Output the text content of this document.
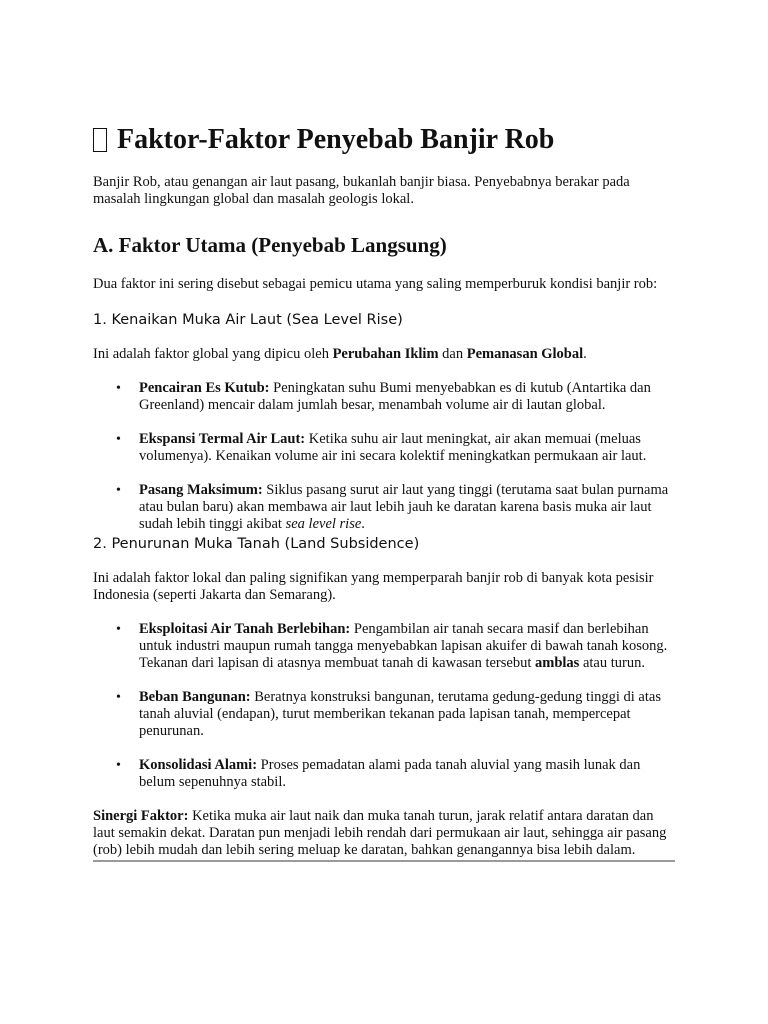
Faktor-Faktor Penyebab Banjir Rob

Banjir Rob, atau genangan air laut pasang, bukanlah banjir biasa. Penyebabnya berakar pada masalah lingkungan global dan masalah geologis lokal.

A. Faktor Utama (Penyebab Langsung)

Dua faktor ini sering disebut sebagai pemicu utama yang saling memperburuk kondisi banjir rob:

1. Kenaikan Muka Air Laut (Sea Level Rise)

Ini adalah faktor global yang dipicu oleh Perubahan Iklim dan Pemanasan Global.

• Pencairan Es Kutub: Peningkatan suhu Bumi menyebabkan es di kutub (Antartika dan Greenland) mencair dalam jumlah besar, menambah volume air di lautan global.
• Ekspansi Termal Air Laut: Ketika suhu air laut meningkat, air akan memuai (meluas volumenya). Kenaikan volume air ini secara kolektif meningkatkan permukaan air laut.
• Pasang Maksimum: Siklus pasang surut air laut yang tinggi (terutama saat bulan purnama atau bulan baru) akan membawa air laut lebih jauh ke daratan karena basis muka air laut sudah lebih tinggi akibat sea level rise.
2. Penurunan Muka Tanah (Land Subsidence)

Ini adalah faktor lokal dan paling signifikan yang memperparah banjir rob di banyak kota pesisir Indonesia (seperti Jakarta dan Semarang).

• Eksploitasi Air Tanah Berlebihan: Pengambilan air tanah secara masif dan berlebihan untuk industri maupun rumah tangga menyebabkan lapisan akuifer di bawah tanah kosong. Tekanan dari lapisan di atasnya membuat tanah di kawasan tersebut amblas atau turun.
• Beban Bangunan: Beratnya konstruksi bangunan, terutama gedung-gedung tinggi di atas tanah aluvial (endapan), turut memberikan tekanan pada lapisan tanah, mempercepat penurunan.
• Konsolidasi Alami: Proses pemadatan alami pada tanah aluvial yang masih lunak dan belum sepenuhnya stabil.

Sinergi Faktor: Ketika muka air laut naik dan muka tanah turun, jarak relatif antara daratan dan laut semakin dekat. Daratan pun menjadi lebih rendah dari permukaan air laut, sehingga air pasang (rob) lebih mudah dan lebih sering meluap ke daratan, bahkan genangannya bisa lebih dalam.
